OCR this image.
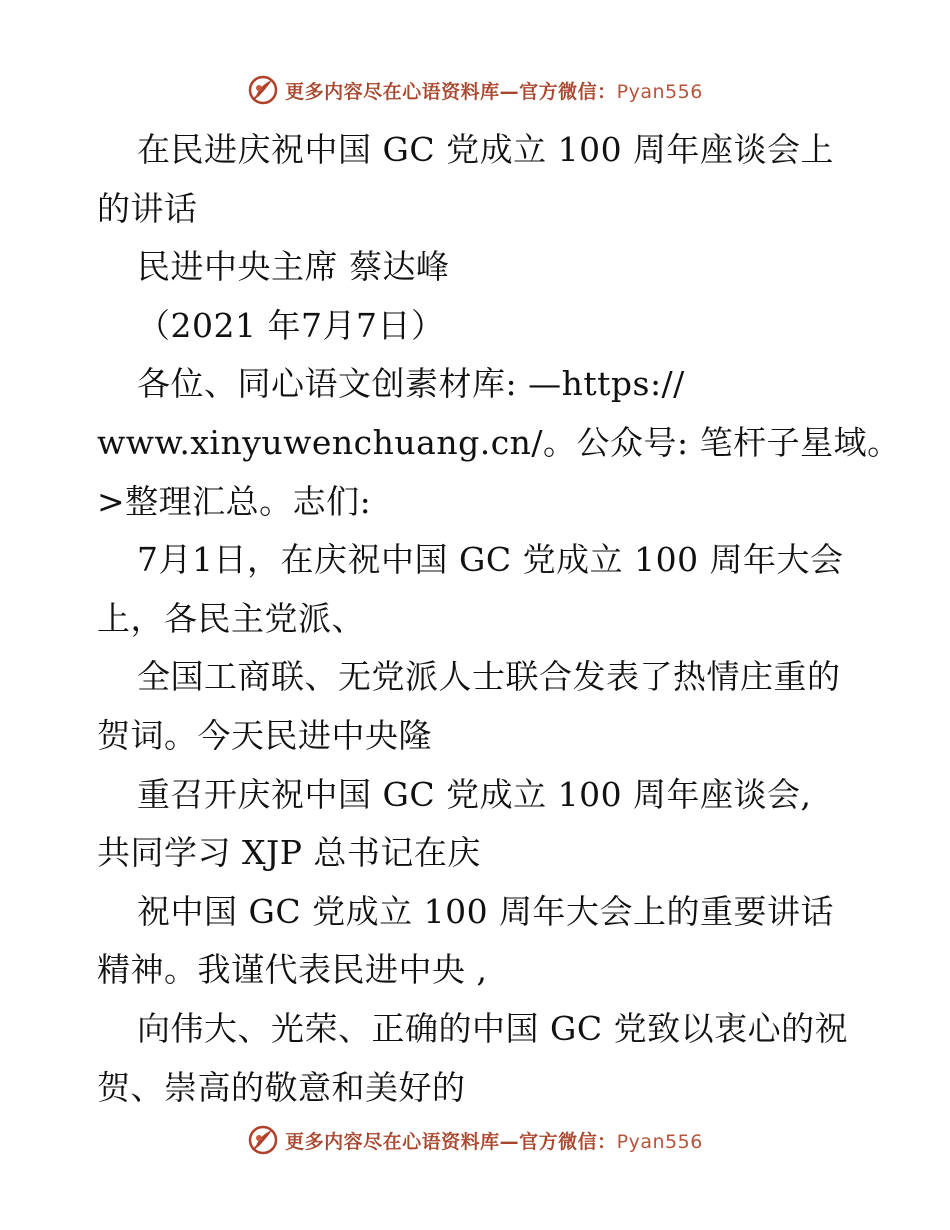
更多内容尽在心语资料库—官方微信：Pyan556
在民进庆祝中国 GC 党成立 100 周年座谈会上
的讲话
民进中央主席 蔡达峰
（2021 年7月7日）
各位、同心语文创素材库: —https://
www.xinyuwenchuang.cn/。公众号: 笔杆子星域。
>整理汇总。志们:
7月1日，在庆祝中国 GC 党成立 100 周年大会
上，各民主党派、
全国工商联、无党派人士联合发表了热情庄重的
贺词。今天民进中央隆
重召开庆祝中国 GC 党成立 100 周年座谈会,
共同学习 XJP 总书记在庆
祝中国 GC 党成立 100 周年大会上的重要讲话
精神。我谨代表民进中央 ,
向伟大、光荣、正确的中国 GC 党致以衷心的祝
贺、崇高的敬意和美好的
更多内容尽在心语资料库—官方微信：Pyan556
